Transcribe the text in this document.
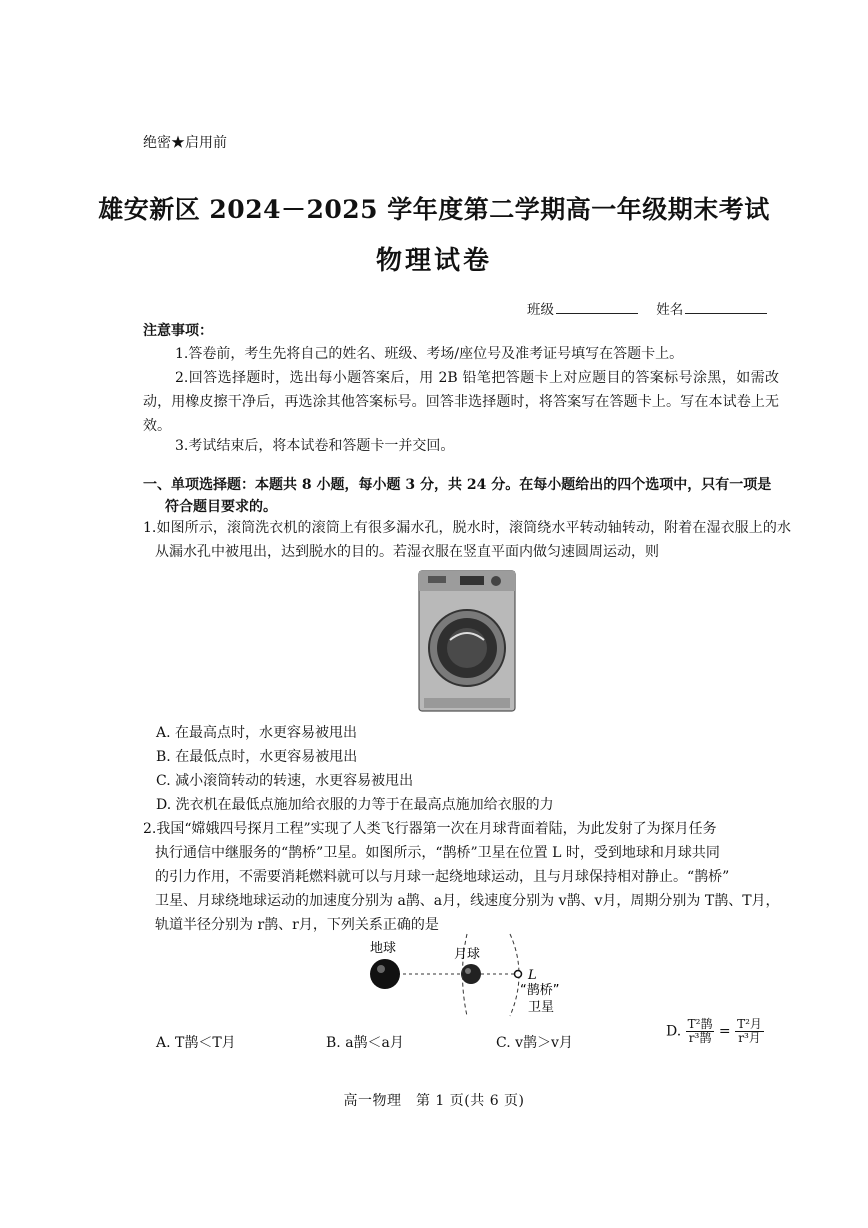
绝密★启用前
雄安新区 2024－2025 学年度第二学期高一年级期末考试
物理试卷
班级	姓名
注意事项：
1.答卷前，考生先将自己的姓名、班级、考场/座位号及准考证号填写在答题卡上。
2.回答选择题时，选出每小题答案后，用 2B 铅笔把答题卡上对应题目的答案标号涂黑，如需改动，用橡皮擦干净后，再选涂其他答案标号。回答非选择题时，将答案写在答题卡上。写在本试卷上无效。
3.考试结束后，将本试卷和答题卡一并交回。
一、单项选择题：本题共 8 小题，每小题 3 分，共 24 分。在每小题给出的四个选项中，只有一项是
符合题目要求的。
1.如图所示，滚筒洗衣机的滚筒上有很多漏水孔，脱水时，滚筒绕水平转动轴转动，附着在湿衣服上的水从漏水孔中被甩出，达到脱水的目的。若湿衣服在竖直平面内做匀速圆周运动，则
A. 在最高点时，水更容易被甩出
B. 在最低点时，水更容易被甩出
C. 减小滚筒转动的转速，水更容易被甩出
D. 洗衣机在最低点施加给衣服的力等于在最高点施加给衣服的力
2.我国“嫦娥四号探月工程”实现了人类飞行器第一次在月球背面着陆，为此发射了为探月任务
执行通信中继服务的“鹊桥”卫星。如图所示，“鹊桥”卫星在位置 L 时，受到地球和月球共同
的引力作用，不需要消耗燃料就可以与月球一起绕地球运动，且与月球保持相对静止。“鹊桥”
卫星、月球绕地球运动的加速度分别为 a鹊、a月，线速度分别为 v鹊、v月，周期分别为 T鹊、T月，
轨道半径分别为 r鹊、r月，下列关系正确的是
地球	月球
L
“鹊桥”
卫星
A. T鹊＜T月	B. a鹊＜a月	C. v鹊＞v月
D. $\frac{\text{T²鹊}}{\text{r³鹊}} = \frac{\text{T²月}}{\text{r³月}}$
高一物理　第 1 页(共 6 页)
